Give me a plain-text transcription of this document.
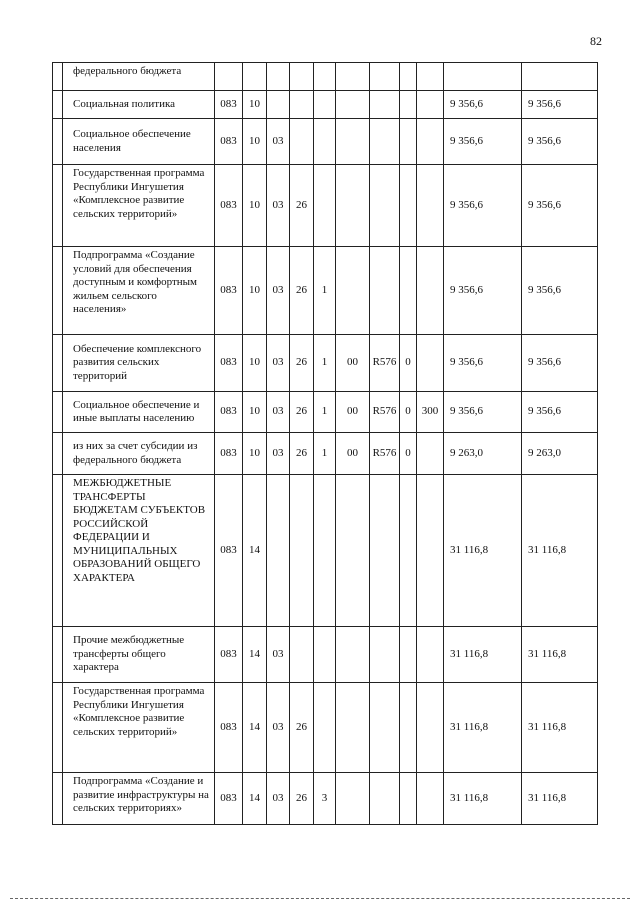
82
	федерального бюджета											
	Социальная политика	083	10								9 356,6	9 356,6
	Социальное обеспечение населения	083	10	03							9 356,6	9 356,6
	Государственная программа Республики Ингушетия «Комплексное развитие сельских территорий»	083	10	03	26						9 356,6	9 356,6
	Подпрограмма «Создание условий для обеспечения доступным и комфортным жильем сельского населения»	083	10	03	26	1					9 356,6	9 356,6
	Обеспечение комплексного развития сельских территорий	083	10	03	26	1	00	R576	0		9 356,6	9 356,6
	Социальное обеспечение и иные выплаты населению	083	10	03	26	1	00	R576	0	300	9 356,6	9 356,6
	из них за счет субсидии из федерального бюджета	083	10	03	26	1	00	R576	0		9 263,0	9 263,0
	МЕЖБЮДЖЕТНЫЕ ТРАНСФЕРТЫ БЮДЖЕТАМ СУБЪЕКТОВ РОССИЙСКОЙ ФЕДЕРАЦИИ И МУНИЦИПАЛЬНЫХ ОБРАЗОВАНИЙ ОБЩЕГО ХАРАКТЕРА	083	14								31 116,8	31 116,8
	Прочие межбюджетные трансферты общего характера	083	14	03							31 116,8	31 116,8
	Государственная программа Республики Ингушетия «Комплексное развитие сельских территорий»	083	14	03	26						31 116,8	31 116,8
	Подпрограмма «Создание и развитие инфраструктуры на сельских территориях»	083	14	03	26	3					31 116,8	31 116,8
